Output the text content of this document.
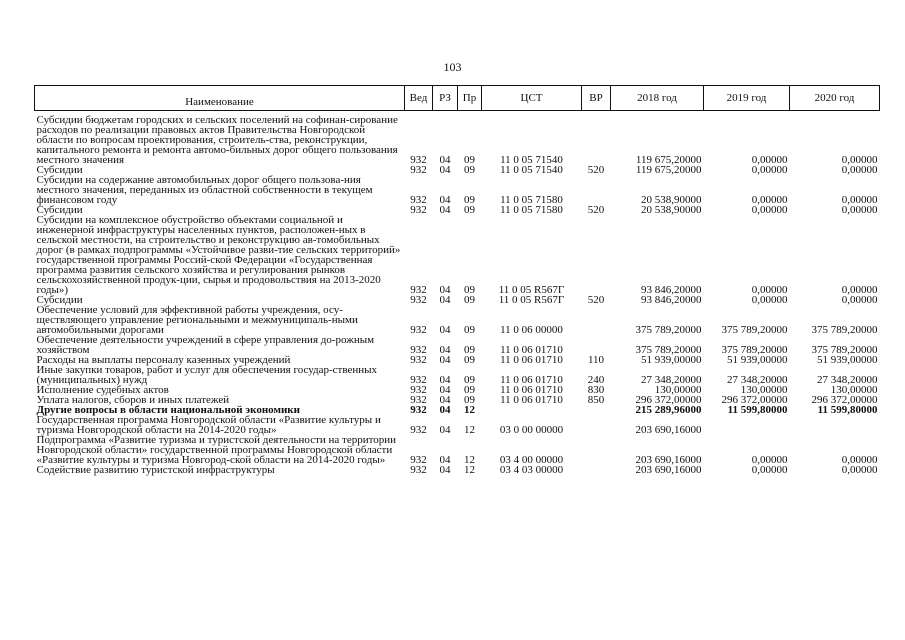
103
Наименование	Вед	РЗ	Пр	ЦСТ	ВР	2018 год	2019 год	2020 год

Субсидии бюджетам городских и сельских поселений на софинан-сирование расходов по реализации правовых актов Правительства Новгородской области по вопросам проектирования, строитель-ства, реконструкции, капитального ремонта и ремонта автомо-бильных дорог общего пользования местного значения	932	04	09	11 0 05 71540		119 675,20000	0,00000	0,00000
Субсидии	932	04	09	11 0 05 71540	520	119 675,20000	0,00000	0,00000
Субсидии на содержание автомобильных дорог общего пользова-ния местного значения, переданных из областной собственности в текущем финансовом году	932	04	09	11 0 05 71580		20 538,90000	0,00000	0,00000
Субсидии	932	04	09	11 0 05 71580	520	20 538,90000	0,00000	0,00000
Субсидии на комплексное обустройство объектами социальной и инженерной инфраструктуры населенных пунктов, расположен-ных в сельской местности, на строительство и реконструкцию ав-томобильных дорог (в рамках подпрограммы «Устойчивое разви-тие сельских территорий» государственной программы Россий-ской Федерации «Государственная программа развития сельского хозяйства и регулирования рынков сельскохозяйственной продук-ции, сырья и продовольствия на 2013-2020 годы»)	932	04	09	11 0 05 R567Г		93 846,20000	0,00000	0,00000
Субсидии	932	04	09	11 0 05 R567Г	520	93 846,20000	0,00000	0,00000
Обеспечение условий для эффективной работы учреждения, осу-ществляющего управление региональными и межмуниципаль-ными автомобильными дорогами	932	04	09	11 0 06 00000		375 789,20000	375 789,20000	375 789,20000
Обеспечение деятельности учреждений в сфере управления до-рожным хозяйством	932	04	09	11 0 06 01710		375 789,20000	375 789,20000	375 789,20000
Расходы на выплаты персоналу казенных учреждений	932	04	09	11 0 06 01710	110	51 939,00000	51 939,00000	51 939,00000
Иные закупки товаров, работ и услуг для обеспечения государ-ственных (муниципальных) нужд	932	04	09	11 0 06 01710	240	27 348,20000	27 348,20000	27 348,20000
Исполнение судебных актов	932	04	09	11 0 06 01710	830	130,00000	130,00000	130,00000
Уплата налогов, сборов и иных платежей	932	04	09	11 0 06 01710	850	296 372,00000	296 372,00000	296 372,00000
Другие вопросы в области национальной экономики	932	04	12			215 289,96000	11 599,80000	11 599,80000
Государственная программа Новгородской области «Развитие культуры и туризма Новгородской области на 2014-2020 годы»	932	04	12	03 0 00 00000		203 690,16000		
Подпрограмма «Развитие туризма и туристской деятельности на территории Новгородской области» государственной программы Новгородской области «Развитие культуры и туризма Новгород-ской области на 2014-2020 годы»	932	04	12	03 4 00 00000		203 690,16000	0,00000	0,00000
Содействие развитию туристской инфраструктуры	932	04	12	03 4 03 00000		203 690,16000	0,00000	0,00000
